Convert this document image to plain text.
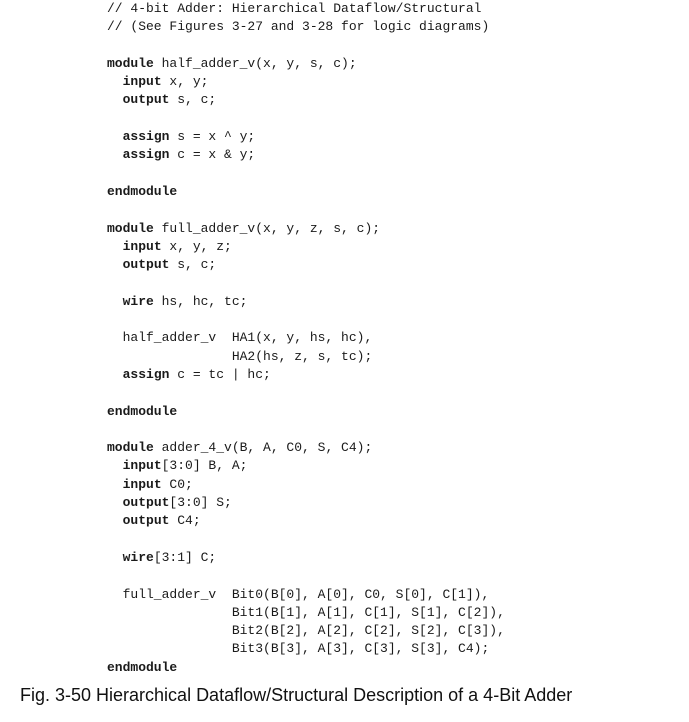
// 4-bit Adder: Hierarchical Dataflow/Structural
// (See Figures 3-27 and 3-28 for logic diagrams)
module half_adder_v(x, y, s, c);
input x, y;
output s, c;
assign s = x ^ y;
assign c = x & y;
endmodule
module full_adder_v(x, y, z, s, c);
input x, y, z;
output s, c;
wire hs, hc, tc;
half_adder_v  HA1(x, y, hs, hc),
HA2(hs, z, s, tc);
assign c = tc | hc;
endmodule
module adder_4_v(B, A, C0, S, C4);
input[3:0] B, A;
input C0;
output[3:0] S;
output C4;
wire[3:1] C;
full_adder_v  Bit0(B[0], A[0], C0, S[0], C[1]),
Bit1(B[1], A[1], C[1], S[1], C[2]),
Bit2(B[2], A[2], C[2], S[2], C[3]),
Bit3(B[3], A[3], C[3], S[3], C4);
endmodule
Fig. 3-50 Hierarchical Dataflow/Structural Description of a 4-Bit Adder
